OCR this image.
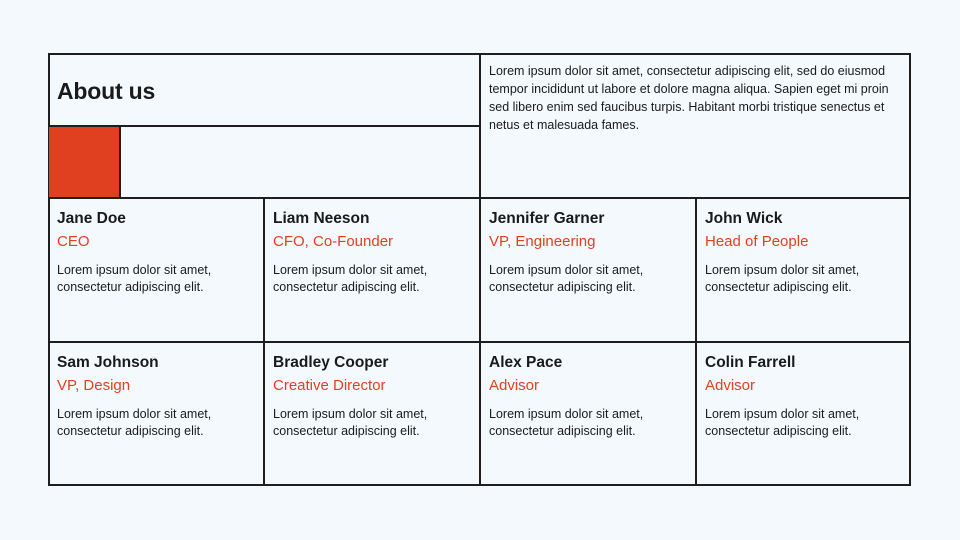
About us

Lorem ipsum dolor sit amet, consectetur adipiscing elit, sed do eiusmod tempor incididunt ut labore et dolore magna aliqua. Sapien eget mi proin sed libero enim sed faucibus turpis. Habitant morbi tristique senectus et netus et malesuada fames.

Jane Doe

CEO

Lorem ipsum dolor sit amet, consectetur adipiscing elit.

Liam Neeson

CFO, Co-Founder

Lorem ipsum dolor sit amet, consectetur adipiscing elit.

Jennifer Garner

VP, Engineering

Lorem ipsum dolor sit amet, consectetur adipiscing elit.

John Wick

Head of People

Lorem ipsum dolor sit amet, consectetur adipiscing elit.

Sam Johnson

VP, Design

Lorem ipsum dolor sit amet, consectetur adipiscing elit.

Bradley Cooper

Creative Director

Lorem ipsum dolor sit amet, consectetur adipiscing elit.

Alex Pace

Advisor

Lorem ipsum dolor sit amet, consectetur adipiscing elit.

Colin Farrell

Advisor

Lorem ipsum dolor sit amet, consectetur adipiscing elit.
